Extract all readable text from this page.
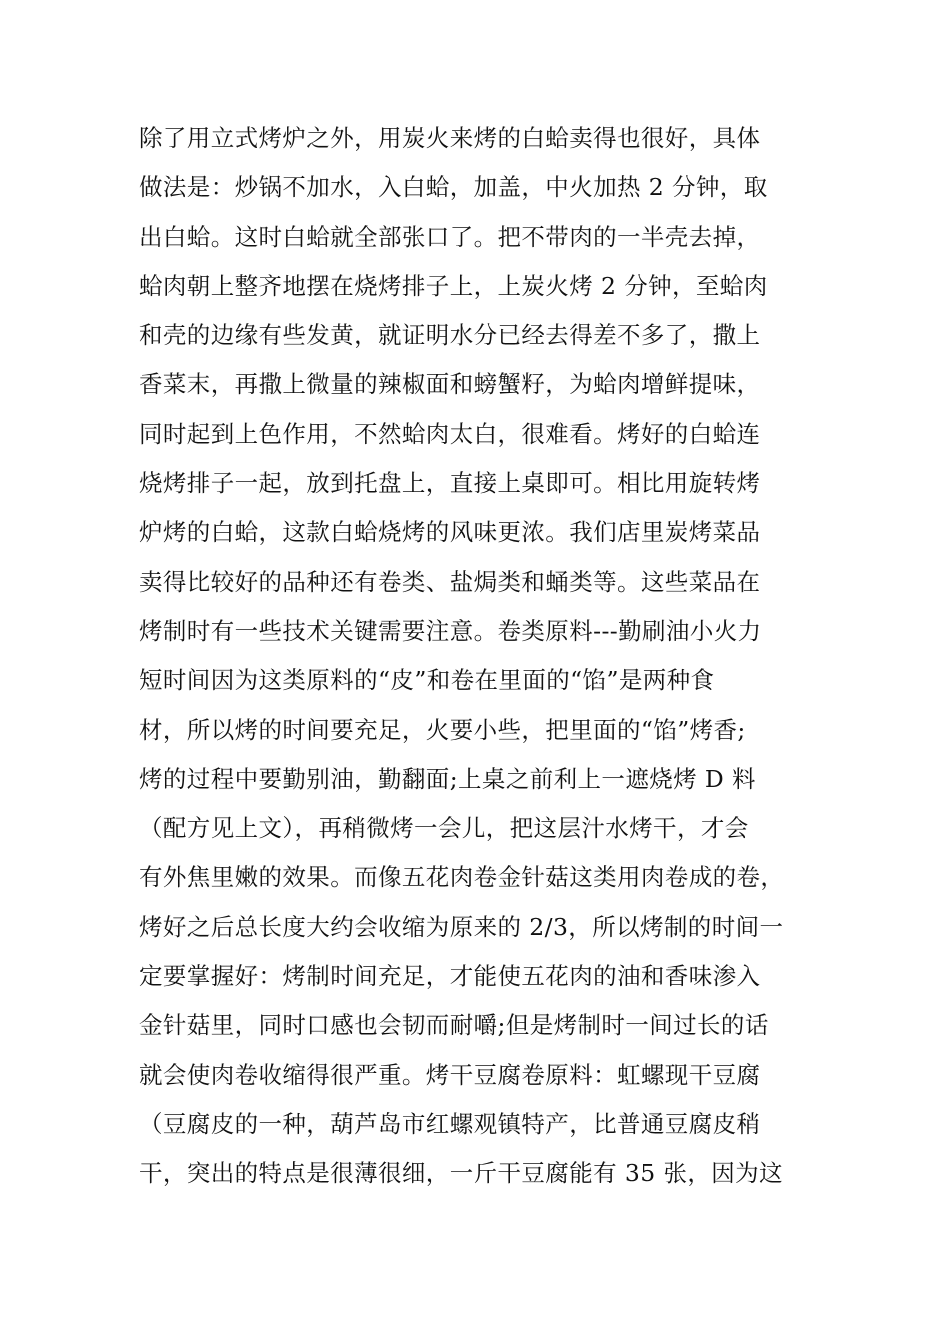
除了用立式烤炉之外，用炭火来烤的白蛤卖得也很好，具体
做法是：炒锅不加水，入白蛤，加盖，中火加热 2 分钟，取
出白蛤。这时白蛤就全部张口了。把不带肉的一半壳去掉，
蛤肉朝上整齐地摆在烧烤排子上，上炭火烤 2 分钟，至蛤肉
和壳的边缘有些发黄，就证明水分已经去得差不多了，撒上
香菜末，再撒上微量的辣椒面和螃蟹籽，为蛤肉增鲜提味，
同时起到上色作用，不然蛤肉太白，很难看。烤好的白蛤连
烧烤排子一起，放到托盘上，直接上桌即可。相比用旋转烤
炉烤的白蛤，这款白蛤烧烤的风味更浓。我们店里炭烤菜品
卖得比较好的品种还有卷类、盐焗类和蛹类等。这些菜品在
烤制时有一些技术关键需要注意。卷类原料---勤刷油小火力
短时间因为这类原料的“皮”和卷在里面的“馅”是两种食
材，所以烤的时间要充足，火要小些，把里面的“馅”烤香;
烤的过程中要勤别油，勤翻面;上桌之前利上一遮烧烤 D 料
（配方见上文），再稍微烤一会儿，把这层汁水烤干，才会
有外焦里嫩的效果。而像五花肉卷金针菇这类用肉卷成的卷，
烤好之后总长度大约会收缩为原来的 2/3，所以烤制的时间一
定要掌握好：烤制时间充足，才能使五花肉的油和香味渗入
金针菇里，同时口感也会韧而耐嚼;但是烤制时一间过长的话
就会使肉卷收缩得很严重。烤干豆腐卷原料：虹螺现干豆腐
（豆腐皮的一种，葫芦岛市红螺观镇特产，比普通豆腐皮稍
干，突出的特点是很薄很细，一斤干豆腐能有 35 张，因为这
